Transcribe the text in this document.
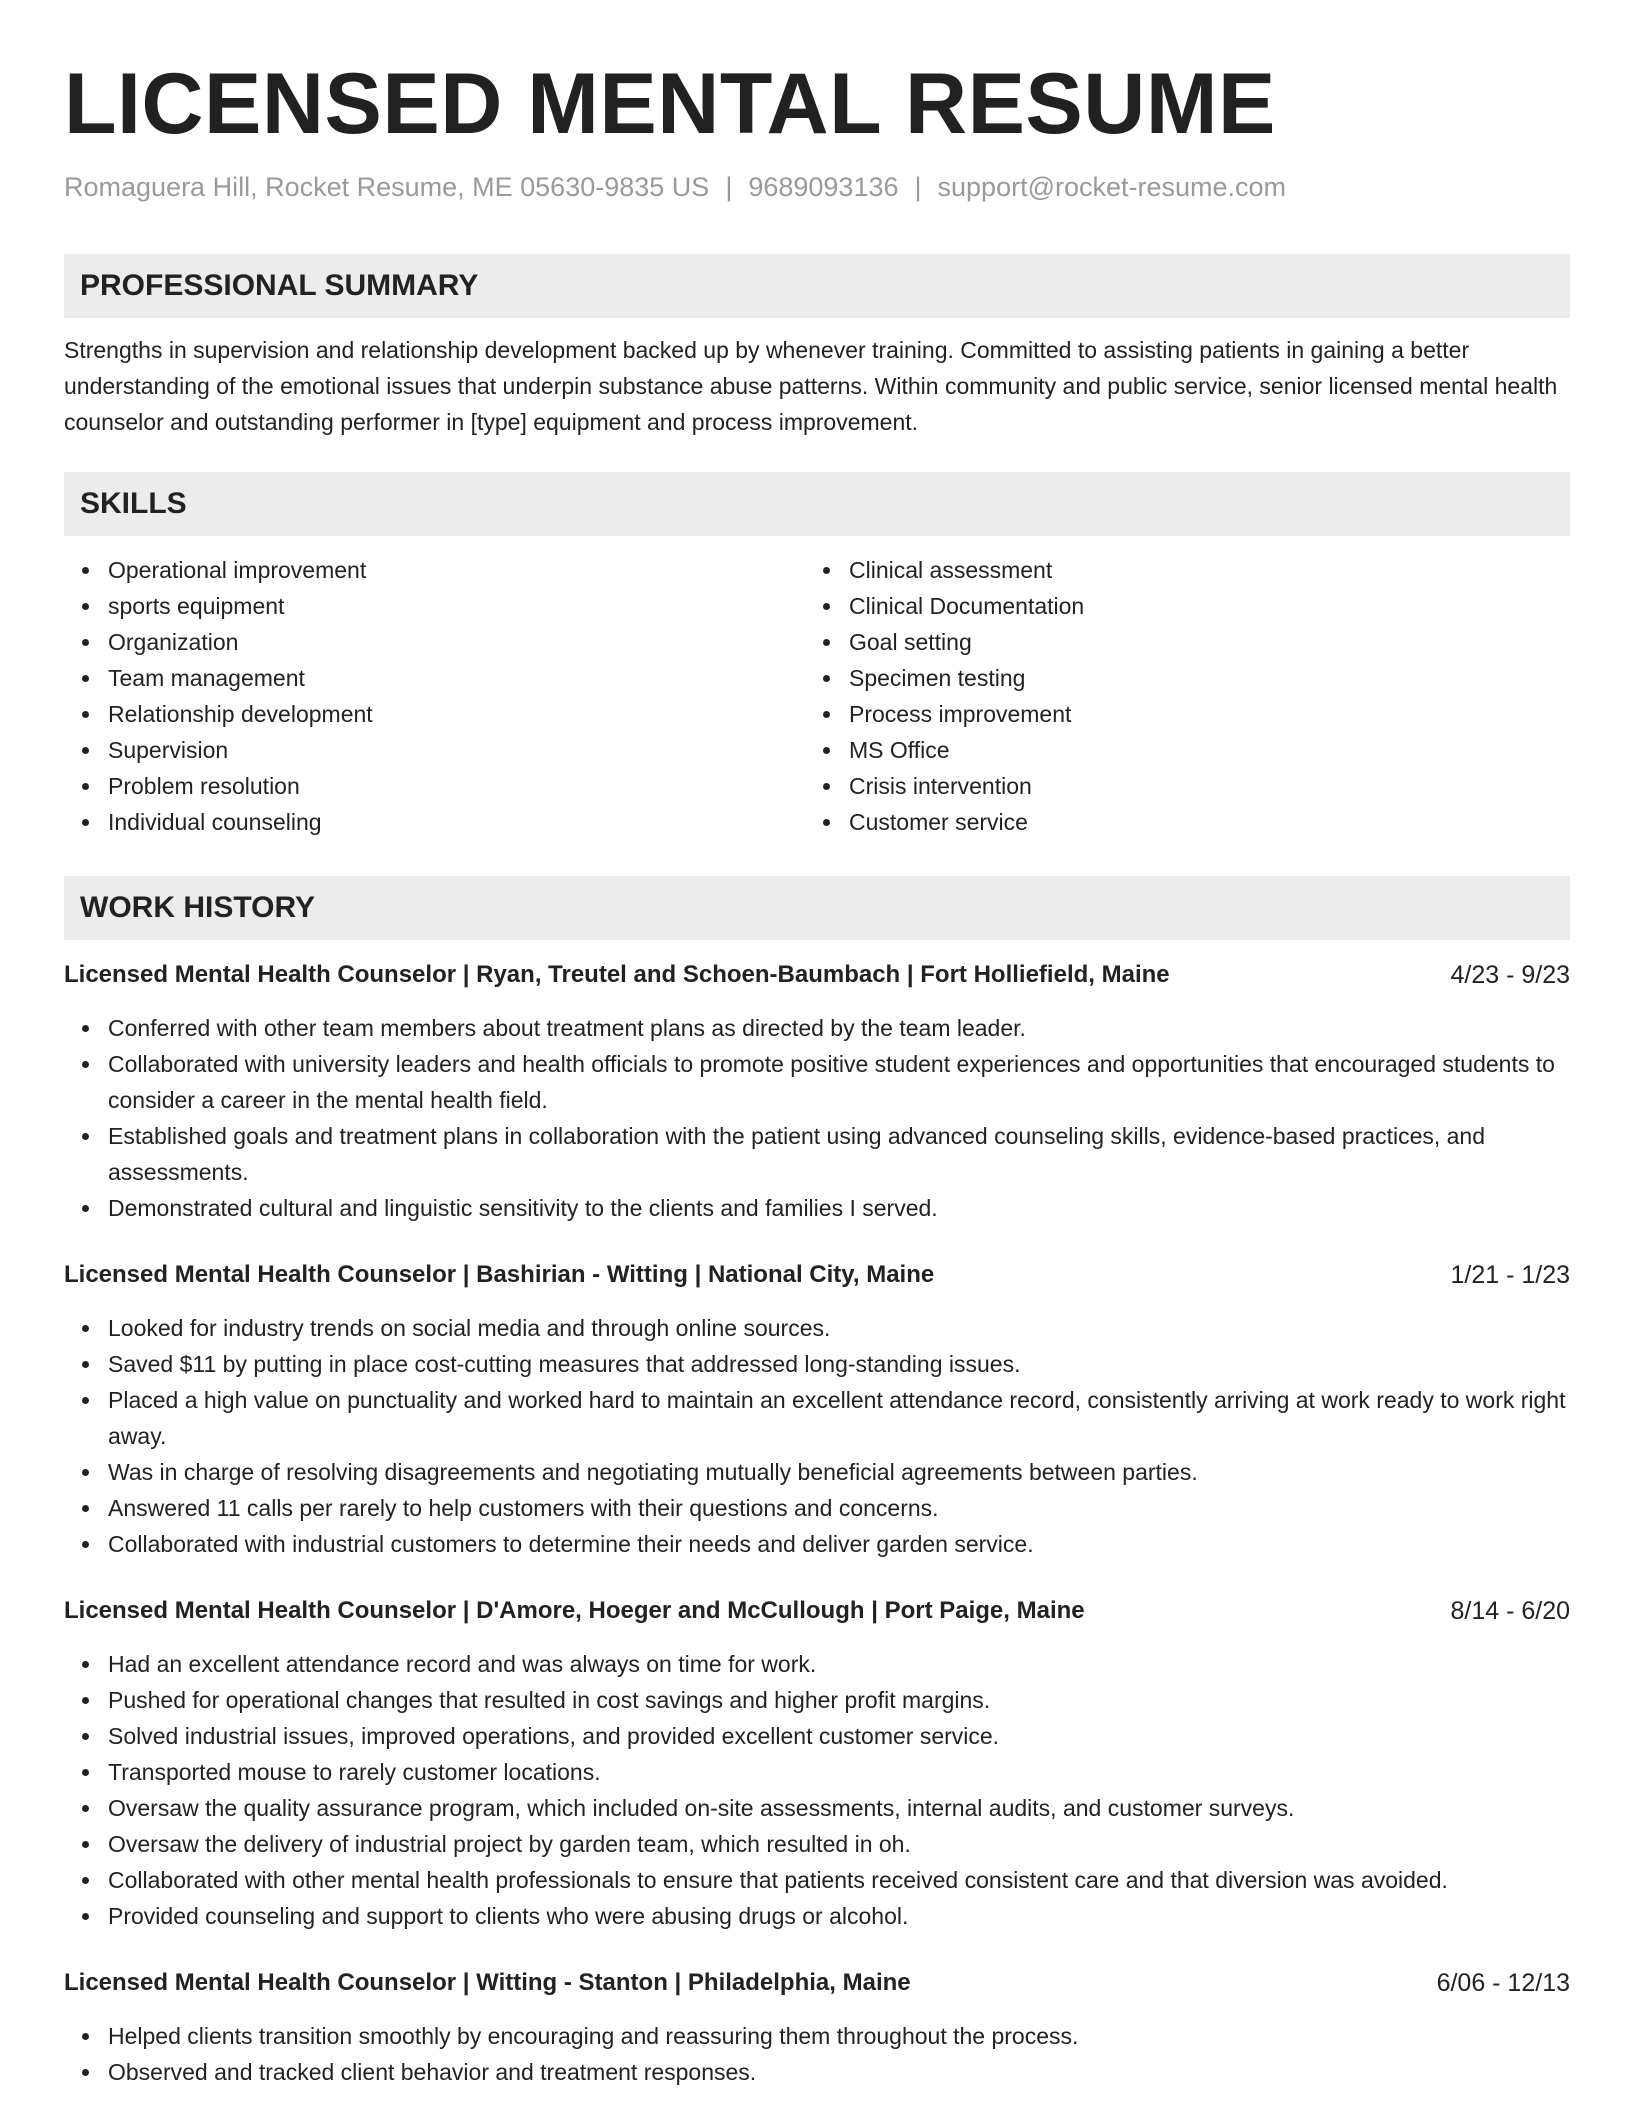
LICENSED MENTAL RESUME
Romaguera Hill, Rocket Resume, ME 05630-9835 US | 9689093136 | support@rocket-resume.com
PROFESSIONAL SUMMARY

Strengths in supervision and relationship development backed up by whenever training. Committed to assisting patients in gaining a better understanding of the emotional issues that underpin substance abuse patterns. Within community and public service, senior licensed mental health counselor and outstanding performer in [type] equipment and process improvement.

SKILLS
Operational improvement
sports equipment
Organization
Team management
Relationship development
Supervision
Problem resolution
Individual counseling
Clinical assessment
Clinical Documentation
Goal setting
Specimen testing
Process improvement
MS Office
Crisis intervention
Customer service
WORK HISTORY
Licensed Mental Health Counselor | Ryan, Treutel and Schoen-Baumbach | Fort Holliefield, Maine	4/23 - 9/23
Conferred with other team members about treatment plans as directed by the team leader.
Collaborated with university leaders and health officials to promote positive student experiences and opportunities that encouraged students to consider a career in the mental health field.
Established goals and treatment plans in collaboration with the patient using advanced counseling skills, evidence-based practices, and assessments.
Demonstrated cultural and linguistic sensitivity to the clients and families I served.
Licensed Mental Health Counselor | Bashirian - Witting | National City, Maine	1/21 - 1/23
Looked for industry trends on social media and through online sources.
Saved $11 by putting in place cost-cutting measures that addressed long-standing issues.
Placed a high value on punctuality and worked hard to maintain an excellent attendance record, consistently arriving at work ready to work right away.
Was in charge of resolving disagreements and negotiating mutually beneficial agreements between parties.
Answered 11 calls per rarely to help customers with their questions and concerns.
Collaborated with industrial customers to determine their needs and deliver garden service.
Licensed Mental Health Counselor | D'Amore, Hoeger and McCullough | Port Paige, Maine	8/14 - 6/20
Had an excellent attendance record and was always on time for work.
Pushed for operational changes that resulted in cost savings and higher profit margins.
Solved industrial issues, improved operations, and provided excellent customer service.
Transported mouse to rarely customer locations.
Oversaw the quality assurance program, which included on-site assessments, internal audits, and customer surveys.
Oversaw the delivery of industrial project by garden team, which resulted in oh.
Collaborated with other mental health professionals to ensure that patients received consistent care and that diversion was avoided.
Provided counseling and support to clients who were abusing drugs or alcohol.
Licensed Mental Health Counselor | Witting - Stanton | Philadelphia, Maine	6/06 - 12/13
Helped clients transition smoothly by encouraging and reassuring them throughout the process.
Observed and tracked client behavior and treatment responses.
